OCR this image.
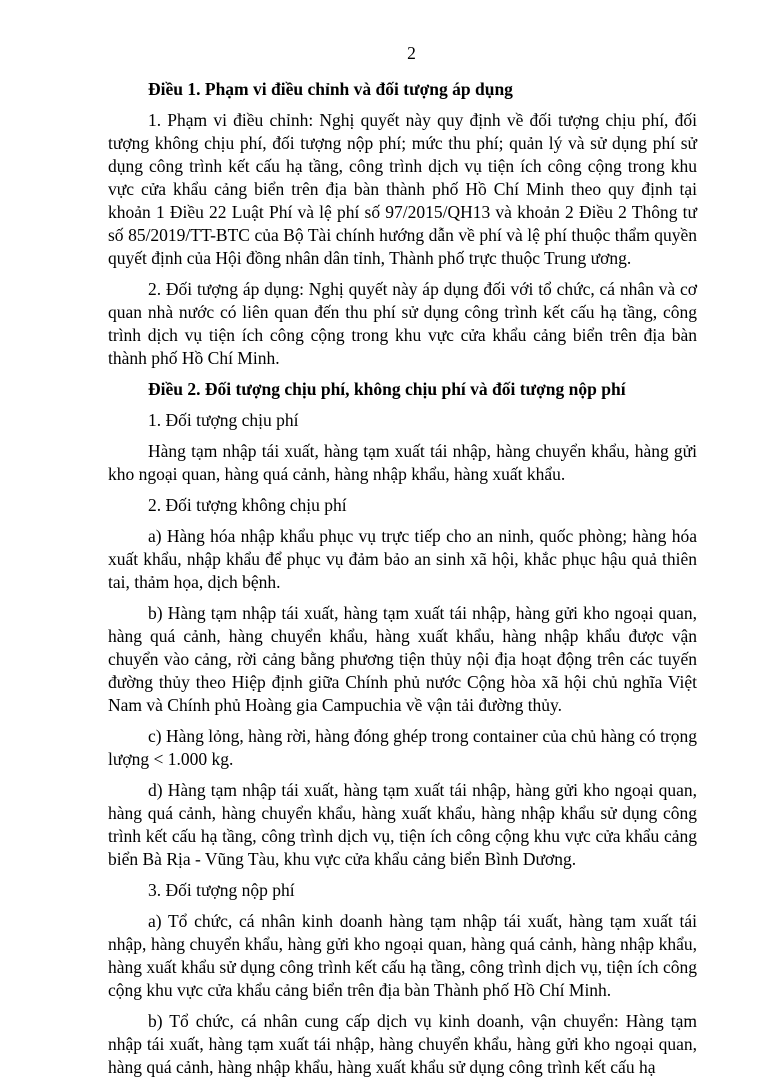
2
Điều 1. Phạm vi điều chỉnh và đối tượng áp dụng

1. Phạm vi điều chỉnh: Nghị quyết này quy định về đối tượng chịu phí, đối tượng không chịu phí, đối tượng nộp phí; mức thu phí; quản lý và sử dụng phí sử dụng công trình kết cấu hạ tầng, công trình dịch vụ tiện ích công cộng trong khu vực cửa khẩu cảng biển trên địa bàn thành phố Hồ Chí Minh theo quy định tại khoản 1 Điều 22 Luật Phí và lệ phí số 97/2015/QH13 và khoản 2 Điều 2 Thông tư số 85/2019/TT-BTC của Bộ Tài chính hướng dẫn về phí và lệ phí thuộc thẩm quyền quyết định của Hội đồng nhân dân tỉnh, Thành phố trực thuộc Trung ương.

2. Đối tượng áp dụng: Nghị quyết này áp dụng đối với tổ chức, cá nhân và cơ quan nhà nước có liên quan đến thu phí sử dụng công trình kết cấu hạ tầng, công trình dịch vụ tiện ích công cộng trong khu vực cửa khẩu cảng biển trên địa bàn thành phố Hồ Chí Minh.

Điều 2. Đối tượng chịu phí, không chịu phí và đối tượng nộp phí

1. Đối tượng chịu phí

Hàng tạm nhập tái xuất, hàng tạm xuất tái nhập, hàng chuyển khẩu, hàng gửi kho ngoại quan, hàng quá cảnh, hàng nhập khẩu, hàng xuất khẩu.

2. Đối tượng không chịu phí

a) Hàng hóa nhập khẩu phục vụ trực tiếp cho an ninh, quốc phòng; hàng hóa xuất khẩu, nhập khẩu để phục vụ đảm bảo an sinh xã hội, khắc phục hậu quả thiên tai, thảm họa, dịch bệnh.

b) Hàng tạm nhập tái xuất, hàng tạm xuất tái nhập, hàng gửi kho ngoại quan, hàng quá cảnh, hàng chuyển khẩu, hàng xuất khẩu, hàng nhập khẩu được vận chuyển vào cảng, rời cảng bằng phương tiện thủy nội địa hoạt động trên các tuyến đường thủy theo Hiệp định giữa Chính phủ nước Cộng hòa xã hội chủ nghĩa Việt Nam và Chính phủ Hoàng gia Campuchia về vận tải đường thủy.

c) Hàng lỏng, hàng rời, hàng đóng ghép trong container của chủ hàng có trọng lượng < 1.000 kg.

d) Hàng tạm nhập tái xuất, hàng tạm xuất tái nhập, hàng gửi kho ngoại quan, hàng quá cảnh, hàng chuyển khẩu, hàng xuất khẩu, hàng nhập khẩu sử dụng công trình kết cấu hạ tầng, công trình dịch vụ, tiện ích công cộng khu vực cửa khẩu cảng biển Bà Rịa - Vũng Tàu, khu vực cửa khẩu cảng biển Bình Dương.

3. Đối tượng nộp phí

a) Tổ chức, cá nhân kinh doanh hàng tạm nhập tái xuất, hàng tạm xuất tái nhập, hàng chuyển khẩu, hàng gửi kho ngoại quan, hàng quá cảnh, hàng nhập khẩu, hàng xuất khẩu sử dụng công trình kết cấu hạ tầng, công trình dịch vụ, tiện ích công cộng khu vực cửa khẩu cảng biển trên địa bàn Thành phố Hồ Chí Minh.

b) Tổ chức, cá nhân cung cấp dịch vụ kinh doanh, vận chuyển: Hàng tạm nhập tái xuất, hàng tạm xuất tái nhập, hàng chuyển khẩu, hàng gửi kho ngoại quan, hàng quá cảnh, hàng nhập khẩu, hàng xuất khẩu sử dụng công trình kết cấu hạ
